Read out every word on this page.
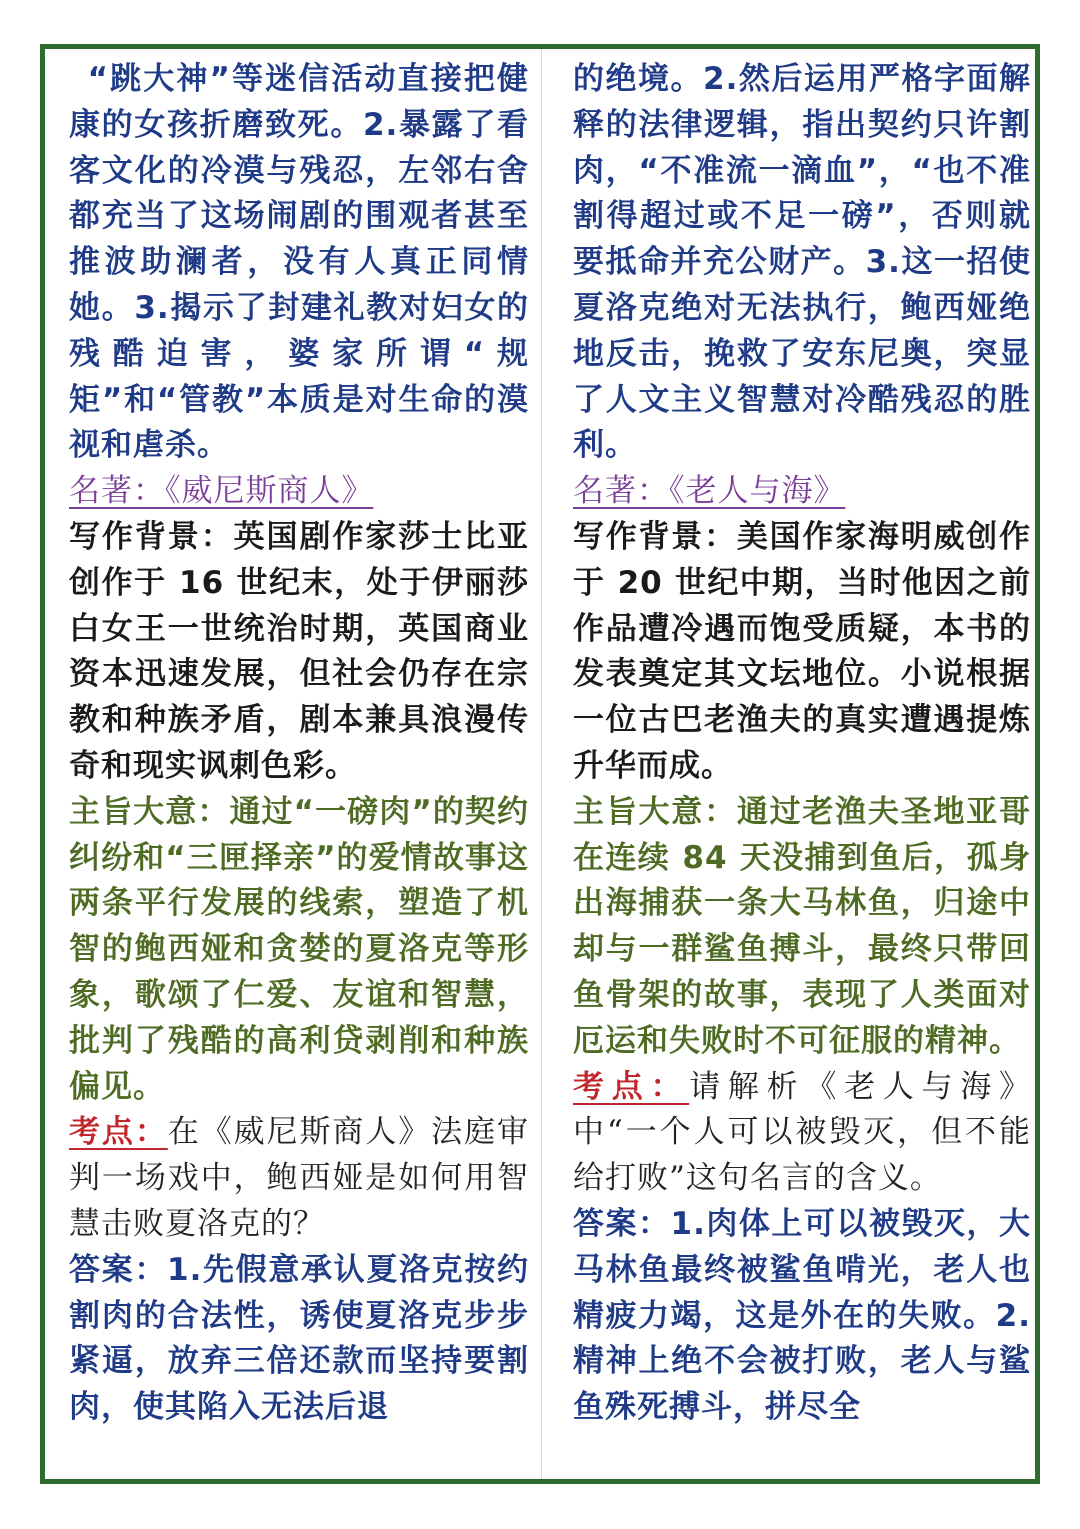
“跳大神”等迷信活动直接把健康的女孩折磨致死。2.暴露了看客文化的冷漠与残忍，左邻右舍都充当了这场闹剧的围观者甚至推波助澜者，没有人真正同情她。3.揭示了封建礼教对妇女的残酷迫害，婆家所谓“规矩”和“管教”本质是对生命的漠视和虐杀。

名著：《威尼斯商人》

写作背景：英国剧作家莎士比亚创作于 16 世纪末，处于伊丽莎白女王一世统治时期，英国商业资本迅速发展，但社会仍存在宗教和种族矛盾，剧本兼具浪漫传奇和现实讽刺色彩。

主旨大意：通过“一磅肉”的契约纠纷和“三匣择亲”的爱情故事这两条平行发展的线索，塑造了机智的鲍西娅和贪婪的夏洛克等形象，歌颂了仁爱、友谊和智慧，批判了残酷的高利贷剥削和种族偏见。

考点：在《威尼斯商人》法庭审判一场戏中，鲍西娅是如何用智慧击败夏洛克的？

答案：1.先假意承认夏洛克按约割肉的合法性，诱使夏洛克步步紧逼，放弃三倍还款而坚持要割肉，使其陷入无法后退

的绝境。2.然后运用严格字面解释的法律逻辑，指出契约只许割肉，“不准流一滴血”，“也不准割得超过或不足一磅”，否则就要抵命并充公财产。3.这一招使夏洛克绝对无法执行，鲍西娅绝地反击，挽救了安东尼奥，突显了人文主义智慧对冷酷残忍的胜利。

名著：《老人与海》

写作背景：美国作家海明威创作于 20 世纪中期，当时他因之前作品遭冷遇而饱受质疑，本书的发表奠定其文坛地位。小说根据一位古巴老渔夫的真实遭遇提炼升华而成。

主旨大意：通过老渔夫圣地亚哥在连续 84 天没捕到鱼后，孤身出海捕获一条大马林鱼，归途中却与一群鲨鱼搏斗，最终只带回鱼骨架的故事，表现了人类面对厄运和失败时不可征服的精神。

考点：请解析《老人与海》中“一个人可以被毁灭，但不能给打败”这句名言的含义。

答案：1.肉体上可以被毁灭，大马林鱼最终被鲨鱼啃光，老人也精疲力竭，这是外在的失败。2.精神上绝不会被打败，老人与鲨鱼殊死搏斗，拼尽全
